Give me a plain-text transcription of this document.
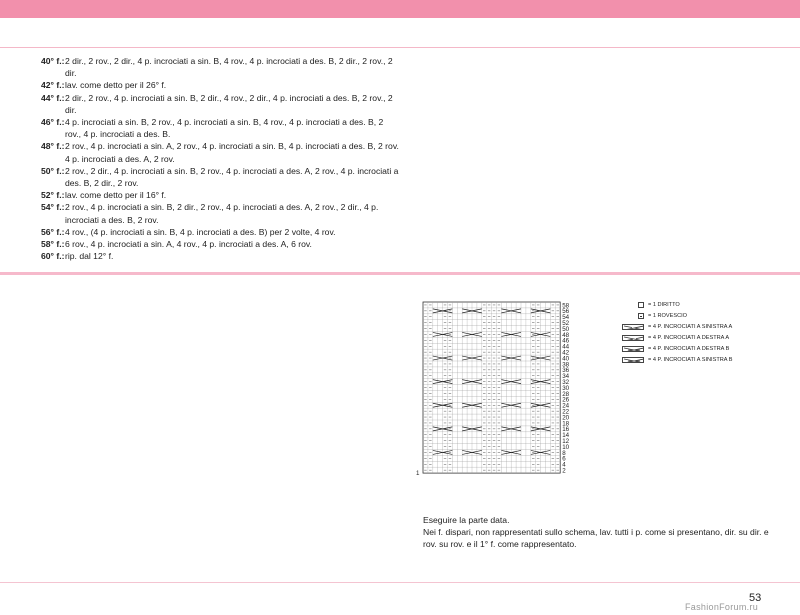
40° f.: 2 dir., 2 rov., 2 dir., 4 p. incrociati a sin. B, 4 rov., 4 p. incrociati a des. B, 2 dir., 2 rov., 2 dir.
42° f.: lav. come detto per il 26° f.
44° f.: 2 dir., 2 rov., 4 p. incrociati a sin. B, 2 dir., 4 rov., 2 dir., 4 p. incrociati a des. B, 2 rov., 2 dir.
46° f.: 4 p. incrociati a sin. B, 2 rov., 4 p. incrociati a sin. B, 4 rov., 4 p. incrociati a des. B, 2 rov., 4 p. incrociati a des. B.
48° f.: 2 rov., 4 p. incrociati a sin. A, 2 rov., 4 p. incrociati a sin. B, 4 p. incrociati a des. B, 2 rov. 4 p. incrociati a des. A, 2 rov.
50° f.: 2 rov., 2 dir., 4 p. incrociati a sin. B, 2 rov., 4 p. incrociati a des. A, 2 rov., 4 p. incrociati a des. B, 2 dir., 2 rov.
52° f.: lav. come detto per il 16° f.
54° f.: 2 rov., 4 p. incrociati a sin. B, 2 dir., 2 rov., 4 p. incrociati a des. A, 2 rov., 2 dir., 4 p. incrociati a des. B, 2 rov.
56° f.: 4 rov., (4 p. incrociati a sin. B, 4 p. incrociati a des. B) per 2 volte, 4 rov.
58° f.: 6 rov., 4 p. incrociati a sin. A, 4 rov., 4 p. incrociati a des. A, 6 rov.
60° f.: rip. dal 12° f.
58
56
54
52
50
48
46
44
42
40
38
36
34
32
30
28
26
24
22
20
18
16
14
12
10
8
6
4
2
1
= 1 DIRITTO
= 1 ROVESCIO
= 4 P. INCROCIATI A SINISTRA A
= 4 P. INCROCIATI A DESTRA A
= 4 P. INCROCIATI A DESTRA B
= 4 P. INCROCIATI A SINISTRA B
Eseguire la parte data.
Nei f. dispari, non rappresentati sullo schema, lav. tutti i p. come si presentano, dir. su dir. e rov. su rov. e il 1° f. come rappresentato.
53
FashionForum.ru
